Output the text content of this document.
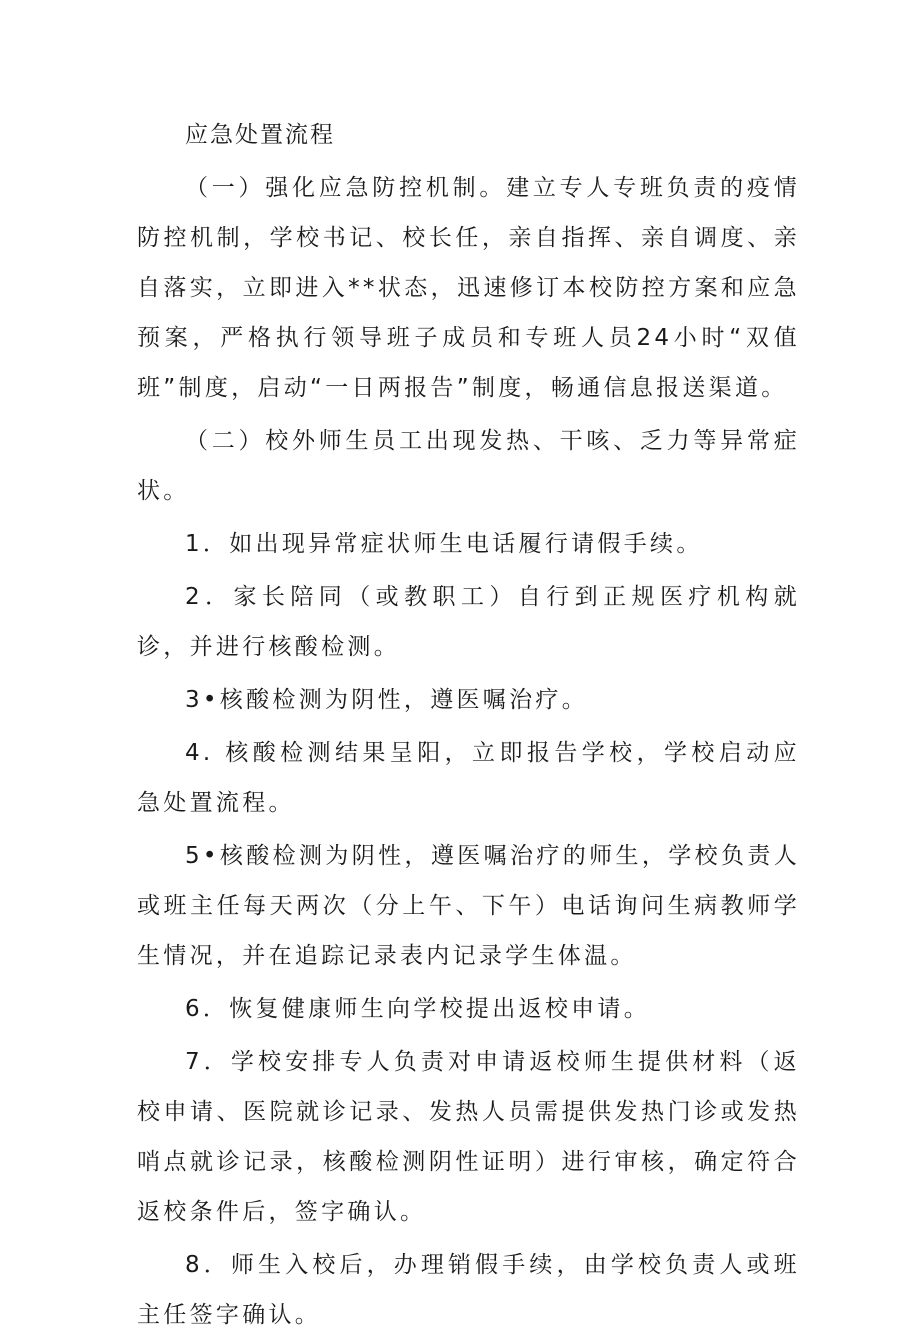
应急处置流程

（一）强化应急防控机制。建立专人专班负责的疫情防控机制，学校书记、校长任，亲自指挥、亲自调度、亲自落实，立即进入**状态，迅速修订本校防控方案和应急预案，严格执行领导班子成员和专班人员24小时“双值班”制度，启动“一日两报告”制度，畅通信息报送渠道。

（二）校外师生员工出现发热、干咳、乏力等异常症状。

1．如出现异常症状师生电话履行请假手续。

2．家长陪同（或教职工）自行到正规医疗机构就诊，并进行核酸检测。

3•核酸检测为阴性，遵医嘱治疗。

4. 核酸检测结果呈阳，立即报告学校，学校启动应急处置流程。

5•核酸检测为阴性，遵医嘱治疗的师生，学校负责人或班主任每天两次（分上午、下午）电话询问生病教师学生情况，并在追踪记录表内记录学生体温。

6．恢复健康师生向学校提出返校申请。

7．学校安排专人负责对申请返校师生提供材料（返校申请、医院就诊记录、发热人员需提供发热门诊或发热哨点就诊记录，核酸检测阴性证明）进行审核，确定符合返校条件后，签字确认。

8．师生入校后，办理销假手续，由学校负责人或班主任签字确认。
